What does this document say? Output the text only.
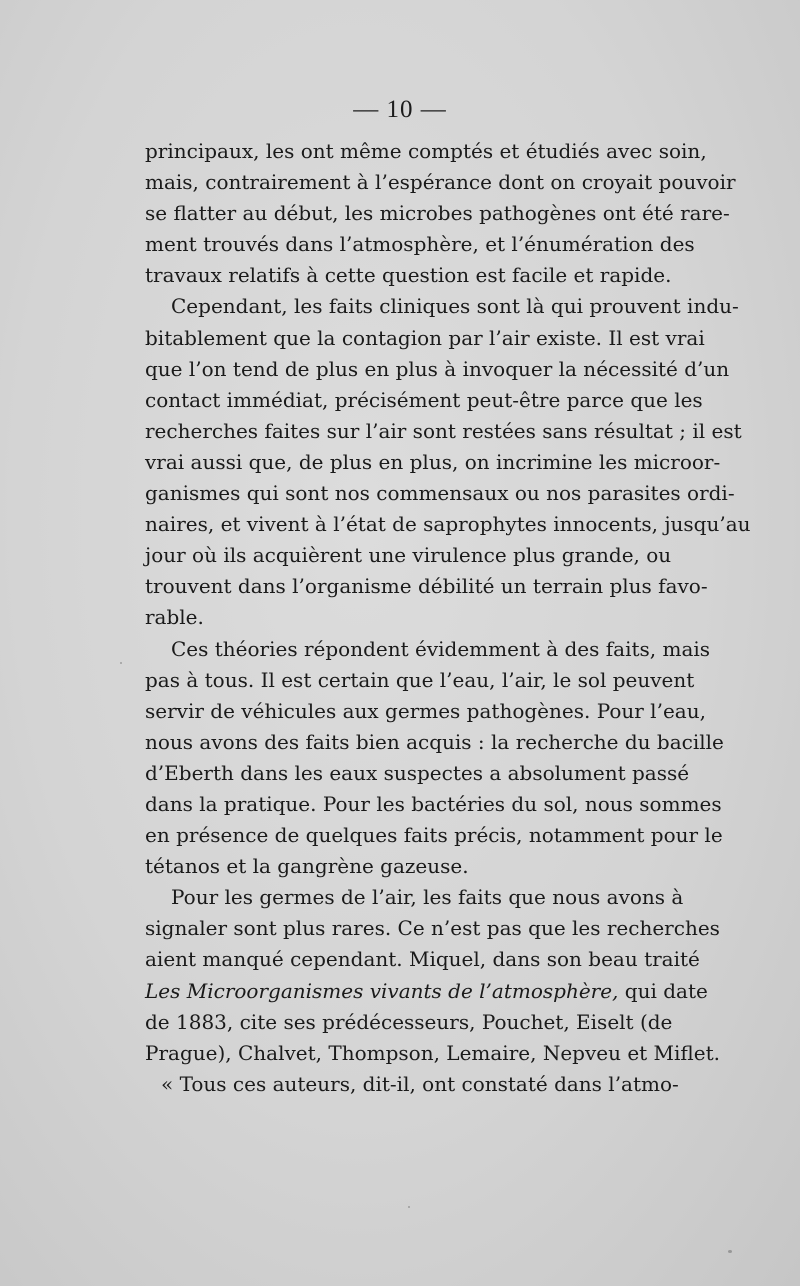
— 10 —
principaux, les ont même comptés et étudiés avec soin,
mais, contrairement à l’espérance dont on croyait pouvoir
se flatter au début, les microbes pathogènes ont été rare-
ment trouvés dans l’atmosphère, et l’énumération des
travaux relatifs à cette question est facile et rapide.
Cependant, les faits cliniques sont là qui prouvent indu-
bitablement que la contagion par l’air existe. Il est vrai
que l’on tend de plus en plus à invoquer la nécessité d’un
contact immédiat, précisément peut-être parce que les
recherches faites sur l’air sont restées sans résultat ; il est
vrai aussi que, de plus en plus, on incrimine les microor-
ganismes qui sont nos commensaux ou nos parasites ordi-
naires, et vivent à l’état de saprophytes innocents, jusqu’au
jour où ils acquièrent une virulence plus grande, ou
trouvent dans l’organisme débilité un terrain plus favo-
rable.
Ces théories répondent évidemment à des faits, mais
pas à tous. Il est certain que l’eau, l’air, le sol peuvent
servir de véhicules aux germes pathogènes. Pour l’eau,
nous avons des faits bien acquis : la recherche du bacille
d’Eberth dans les eaux suspectes a absolument passé
dans la pratique. Pour les bactéries du sol, nous sommes
en présence de quelques faits précis, notamment pour le
tétanos et la gangrène gazeuse.
Pour les germes de l’air, les faits que nous avons à
signaler sont plus rares. Ce n’est pas que les recherches
aient manqué cependant. Miquel, dans son beau traité
Les Microorganismes vivants de l’atmosphère, qui date
de 1883, cite ses prédécesseurs, Pouchet, Eiselt (de
Prague), Chalvet, Thompson, Lemaire, Nepveu et Miflet.
« Tous ces auteurs, dit-il, ont constaté dans l’atmo-
